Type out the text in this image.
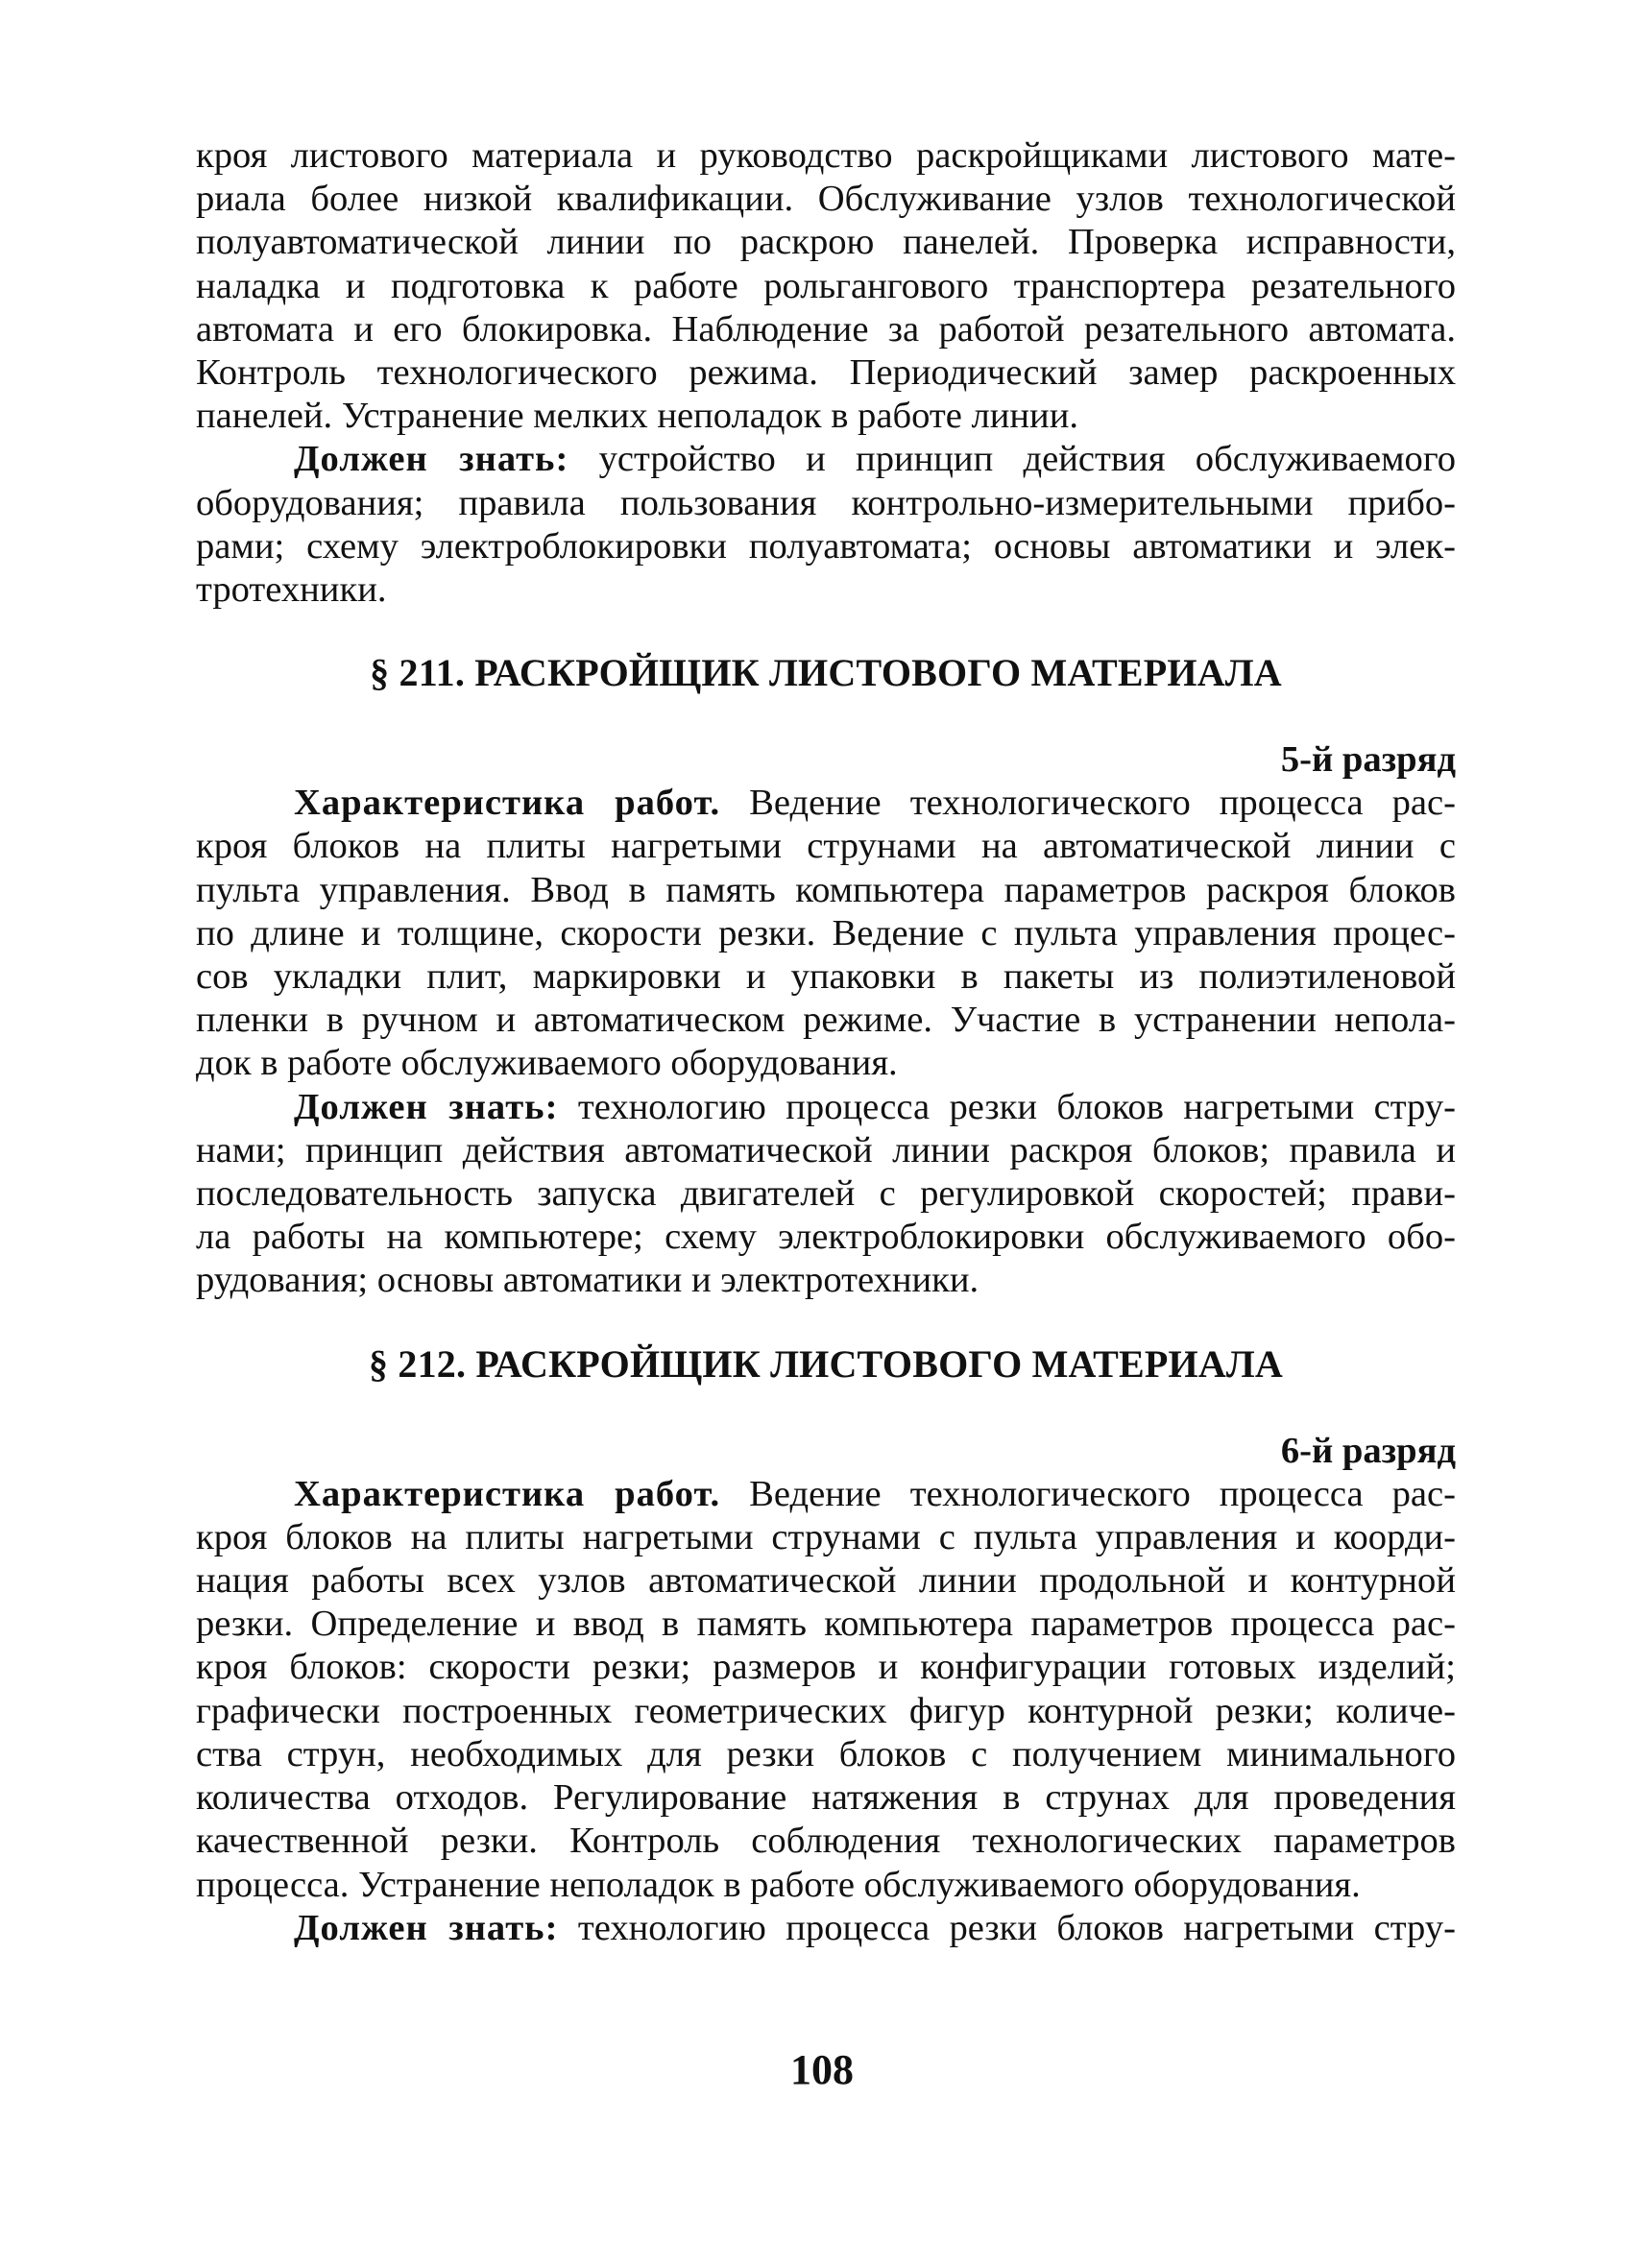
кроя листового материала и руководство раскройщиками листового мате-
риала более низкой квалификации. Обслуживание узлов технологической
полуавтоматической линии по раскрою панелей. Проверка исправности,
наладка и подготовка к работе рольгангового транспортера резательного
автомата и его блокировка. Наблюдение за работой резательного автомата.
Контроль технологического режима. Периодический замер раскроенных
панелей. Устранение мелких неполадок в работе линии.
Должен знать: устройство и принцип действия обслуживаемого
оборудования; правила пользования контрольно-измерительными прибо-
рами; схему электроблокировки полуавтомата; основы автоматики и элек-
тротехники.
§ 211. РАСКРОЙЩИК ЛИСТОВОГО МАТЕРИАЛА
5-й разряд
Характеристика работ. Ведение технологического процесса рас-
кроя блоков на плиты нагретыми струнами на автоматической линии с
пульта управления. Ввод в память компьютера параметров раскроя блоков
по длине и толщине, скорости резки. Ведение с пульта управления процес-
сов укладки плит, маркировки и упаковки в пакеты из полиэтиленовой
пленки в ручном и автоматическом режиме. Участие в устранении непола-
док в работе обслуживаемого оборудования.
Должен знать: технологию процесса резки блоков нагретыми стру-
нами; принцип действия автоматической линии раскроя блоков; правила и
последовательность запуска двигателей с регулировкой скоростей; прави-
ла работы на компьютере; схему электроблокировки обслуживаемого обо-
рудования; основы автоматики и электротехники.
§ 212. РАСКРОЙЩИК ЛИСТОВОГО МАТЕРИАЛА
6-й разряд
Характеристика работ. Ведение технологического процесса рас-
кроя блоков на плиты нагретыми струнами с пульта управления и коорди-
нация работы всех узлов автоматической линии продольной и контурной
резки. Определение и ввод в память компьютера параметров процесса рас-
кроя блоков: скорости резки; размеров и конфигурации готовых изделий;
графически построенных геометрических фигур контурной резки; количе-
ства струн, необходимых для резки блоков с получением минимального
количества отходов. Регулирование натяжения в струнах для проведения
качественной резки. Контроль соблюдения технологических параметров
процесса. Устранение неполадок в работе обслуживаемого оборудования.
Должен знать: технологию процесса резки блоков нагретыми стру-
108
